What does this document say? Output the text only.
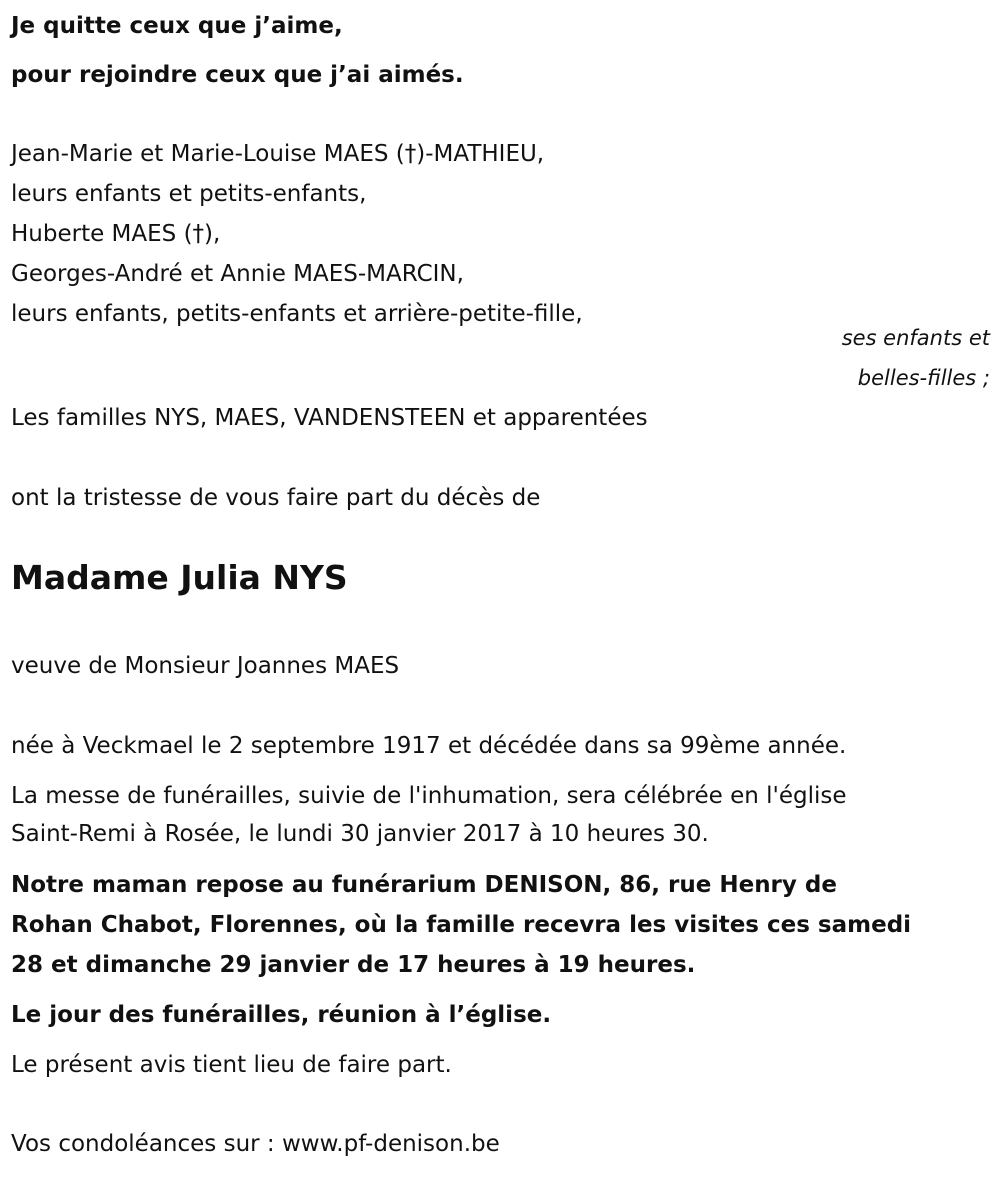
Je quitte ceux que j’aime,
pour rejoindre ceux que j’ai aimés.
Jean-Marie et Marie-Louise MAES (†)-MATHIEU,
leurs enfants et petits-enfants,
Huberte MAES (†),
Georges-André et Annie MAES-MARCIN,
leurs enfants, petits-enfants et arrière-petite-fille,
ses enfants et
belles-filles ;
Les familles NYS, MAES, VANDENSTEEN et apparentées
ont la tristesse de vous faire part du décès de
Madame Julia NYS
veuve de Monsieur Joannes MAES
née à Veckmael le 2 septembre 1917 et décédée dans sa 99ème année.
La messe de funérailles, suivie de l'inhumation, sera célébrée en l'église
Saint-Remi à Rosée, le lundi 30 janvier 2017 à 10 heures 30.
Notre maman repose au funérarium DENISON, 86, rue Henry de
Rohan Chabot, Florennes, où la famille recevra les visites ces samedi
28 et dimanche 29 janvier de 17 heures à 19 heures.
Le jour des funérailles, réunion à l’église.
Le présent avis tient lieu de faire part.
Vos condoléances sur : www.pf-denison.be
